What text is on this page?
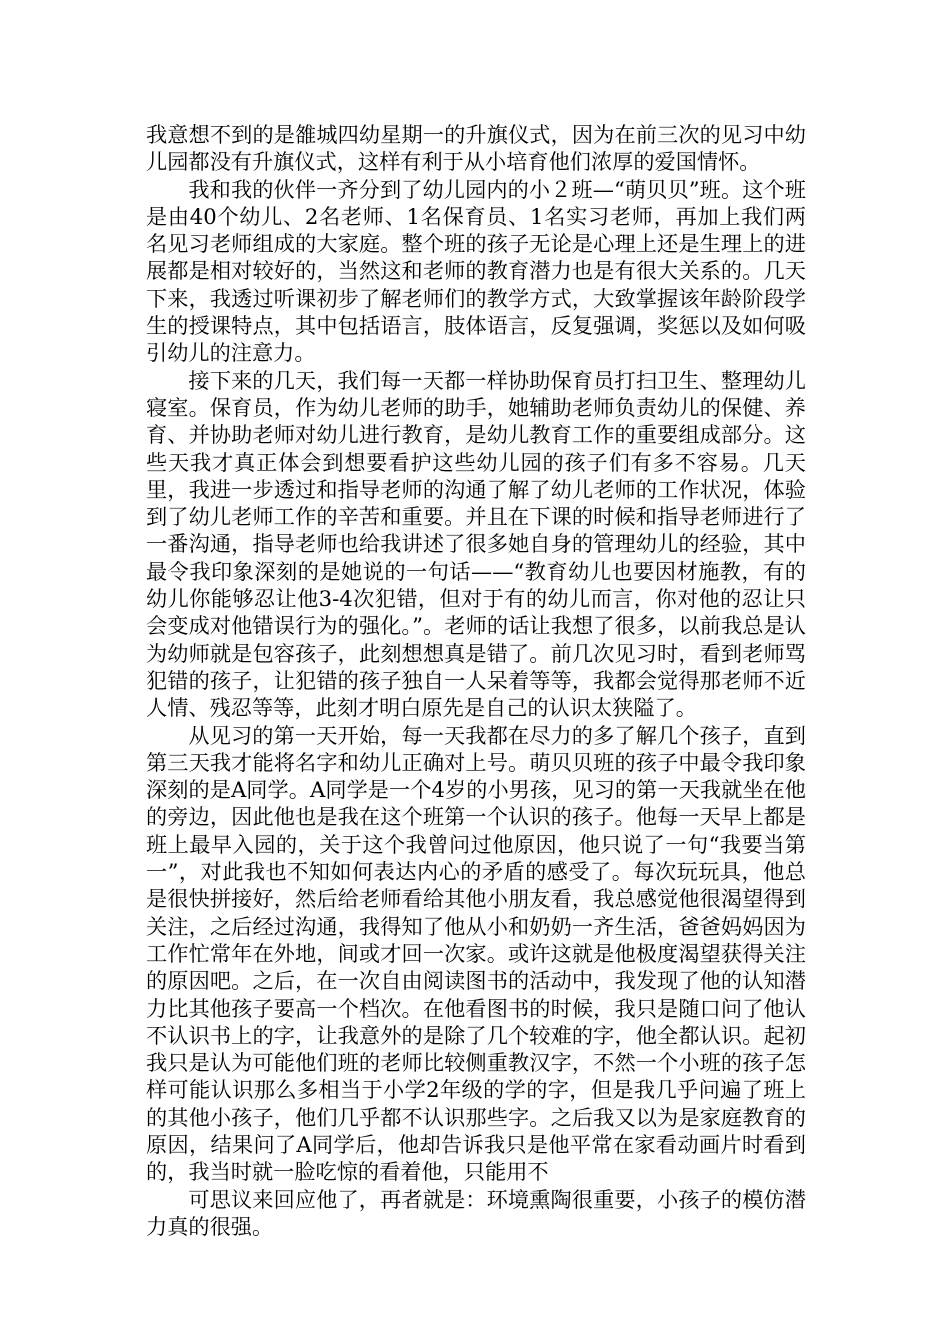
我意想不到的是雒城四幼星期一的升旗仪式，因为在前三次的见习中幼儿园都没有升旗仪式，这样有利于从小培育他们浓厚的爱国情怀。

我和我的伙伴一齐分到了幼儿园内的小２班—“萌贝贝”班。这个班是由40个幼儿、2名老师、1名保育员、1名实习老师，再加上我们两名见习老师组成的大家庭。整个班的孩子无论是心理上还是生理上的进展都是相对较好的，当然这和老师的教育潜力也是有很大关系的。几天下来，我透过听课初步了解老师们的教学方式，大致掌握该年龄阶段学生的授课特点，其中包括语言，肢体语言，反复强调，奖惩以及如何吸引幼儿的注意力。

接下来的几天，我们每一天都一样协助保育员打扫卫生、整理幼儿寝室。保育员，作为幼儿老师的助手，她辅助老师负责幼儿的保健、养育、并协助老师对幼儿进行教育，是幼儿教育工作的重要组成部分。这些天我才真正体会到想要看护这些幼儿园的孩子们有多不容易。几天里，我进一步透过和指导老师的沟通了解了幼儿老师的工作状况，体验到了幼儿老师工作的辛苦和重要。并且在下课的时候和指导老师进行了一番沟通，指导老师也给我讲述了很多她自身的管理幼儿的经验，其中最令我印象深刻的是她说的一句话——“教育幼儿也要因材施教，有的幼儿你能够忍让他3-4次犯错，但对于有的幼儿而言，你对他的忍让只会变成对他错误行为的强化。”。老师的话让我想了很多，以前我总是认为幼师就是包容孩子，此刻想想真是错了。前几次见习时，看到老师骂犯错的孩子，让犯错的孩子独自一人呆着等等，我都会觉得那老师不近人情、残忍等等，此刻才明白原先是自己的认识太狭隘了。

从见习的第一天开始，每一天我都在尽力的多了解几个孩子，直到第三天我才能将名字和幼儿正确对上号。萌贝贝班的孩子中最令我印象深刻的是A同学。A同学是一个4岁的小男孩，见习的第一天我就坐在他的旁边，因此他也是我在这个班第一个认识的孩子。他每一天早上都是班上最早入园的，关于这个我曾问过他原因，他只说了一句“我要当第一”，对此我也不知如何表达内心的矛盾的感受了。每次玩玩具，他总是很快拼接好，然后给老师看给其他小朋友看，我总感觉他很渴望得到关注，之后经过沟通，我得知了他从小和奶奶一齐生活，爸爸妈妈因为工作忙常年在外地，间或才回一次家。或许这就是他极度渴望获得关注的原因吧。之后，在一次自由阅读图书的活动中，我发现了他的认知潜力比其他孩子要高一个档次。在他看图书的时候，我只是随口问了他认不认识书上的字，让我意外的是除了几个较难的字，他全都认识。起初我只是认为可能他们班的老师比较侧重教汉字，不然一个小班的孩子怎样可能认识那么多相当于小学2年级的学的字，但是我几乎问遍了班上的其他小孩子，他们几乎都不认识那些字。之后我又以为是家庭教育的原因，结果问了A同学后，他却告诉我只是他平常在家看动画片时看到的，我当时就一脸吃惊的看着他，只能用不

可思议来回应他了，再者就是：环境熏陶很重要，小孩子的模仿潜力真的很强。
